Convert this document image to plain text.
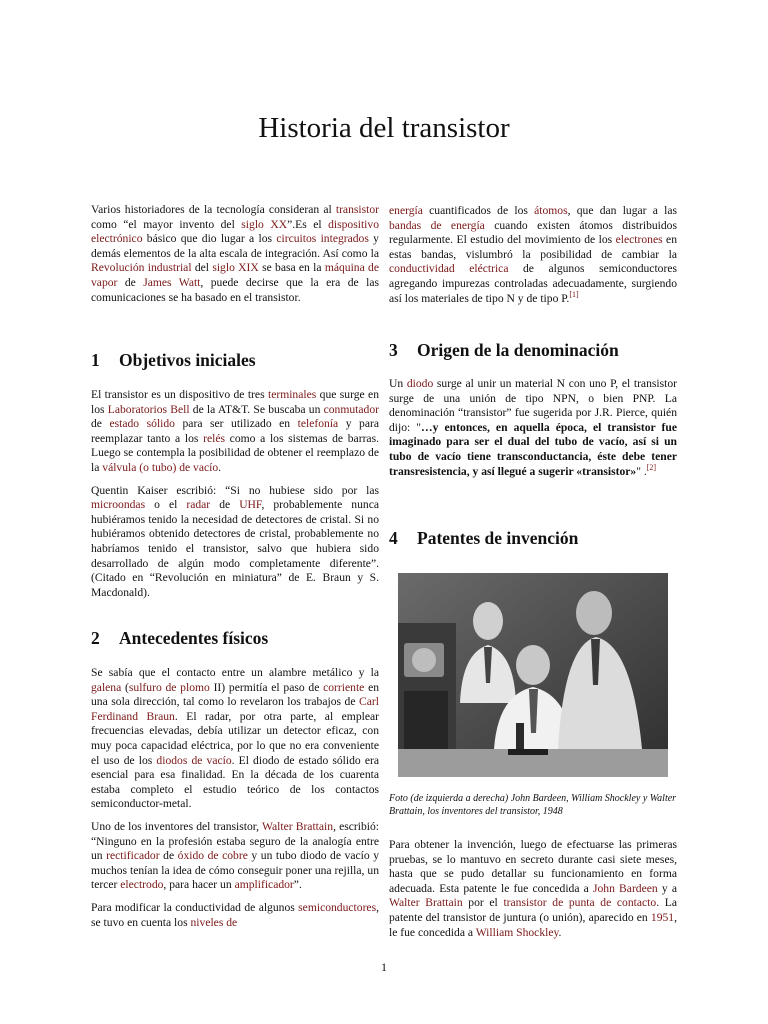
Historia del transistor

Varios historiadores de la tecnología consideran al transistor como “el mayor invento del siglo XX”.Es el dispositivo electrónico básico que dio lugar a los circuitos integrados y demás elementos de la alta escala de integración. Así como la Revolución industrial del siglo XIX se basa en la máquina de vapor de James Watt, puede decirse que la era de las comunicaciones se ha basado en el transistor.

1 Objetivos iniciales

El transistor es un dispositivo de tres terminales que surge en los Laboratorios Bell de la AT&T. Se buscaba un conmutador de estado sólido para ser utilizado en telefonía y para reemplazar tanto a los relés como a los sistemas de barras. Luego se contempla la posibilidad de obtener el reemplazo de la válvula (o tubo) de vacío.

Quentin Kaiser escribió: “Si no hubiese sido por las microondas o el radar de UHF, probablemente nunca hubiéramos tenido la necesidad de detectores de cristal. Si no hubiéramos obtenido detectores de cristal, probablemente no habríamos tenido el transistor, salvo que hubiera sido desarrollado de algún modo completamente diferente”. (Citado en “Revolución en miniatura” de E. Braun y S. Macdonald).

2 Antecedentes físicos

Se sabía que el contacto entre un alambre metálico y la galena (sulfuro de plomo II) permitía el paso de corriente en una sola dirección, tal como lo revelaron los trabajos de Carl Ferdinand Braun. El radar, por otra parte, al emplear frecuencias elevadas, debía utilizar un detector eficaz, con muy poca capacidad eléctrica, por lo que no era conveniente el uso de los diodos de vacío. El diodo de estado sólido era esencial para esa finalidad. En la década de los cuarenta estaba completo el estudio teórico de los contactos semiconductor-metal.

Uno de los inventores del transistor, Walter Brattain, escribió: “Ninguno en la profesión estaba seguro de la analogía entre un rectificador de óxido de cobre y un tubo diodo de vacío y muchos tenían la idea de cómo conseguir poner una rejilla, un tercer electrodo, para hacer un amplificador”.

Para modificar la conductividad de algunos semiconductores, se tuvo en cuenta los niveles de

energía cuantificados de los átomos, que dan lugar a las bandas de energía cuando existen átomos distribuidos regularmente. El estudio del movimiento de los electrones en estas bandas, vislumbró la posibilidad de cambiar la conductividad eléctrica de algunos semiconductores agregando impurezas controladas adecuadamente, surgiendo así los materiales de tipo N y de tipo P.[1]

3 Origen de la denominación

Un diodo surge al unir un material N con uno P, el transistor surge de una unión de tipo NPN, o bien PNP. La denominación “transistor” fue sugerida por J.R. Pierce, quién dijo: "…y entonces, en aquella época, el transistor fue imaginado para ser el dual del tubo de vacío, así si un tubo de vacío tiene transconductancia, éste debe tener transresistencia, y así llegué a sugerir «transistor»" .[2]

4 Patentes de invención
Foto (de izquierda a derecha) John Bardeen, William Shockley y Walter Brattain, los inventores del transistor, 1948

Para obtener la invención, luego de efectuarse las primeras pruebas, se lo mantuvo en secreto durante casi siete meses, hasta que se pudo detallar su funcionamiento en forma adecuada. Esta patente le fue concedida a John Bardeen y a Walter Brattain por el transistor de punta de contacto. La patente del transistor de juntura (o unión), aparecido en 1951, le fue concedida a William Shockley.

1
